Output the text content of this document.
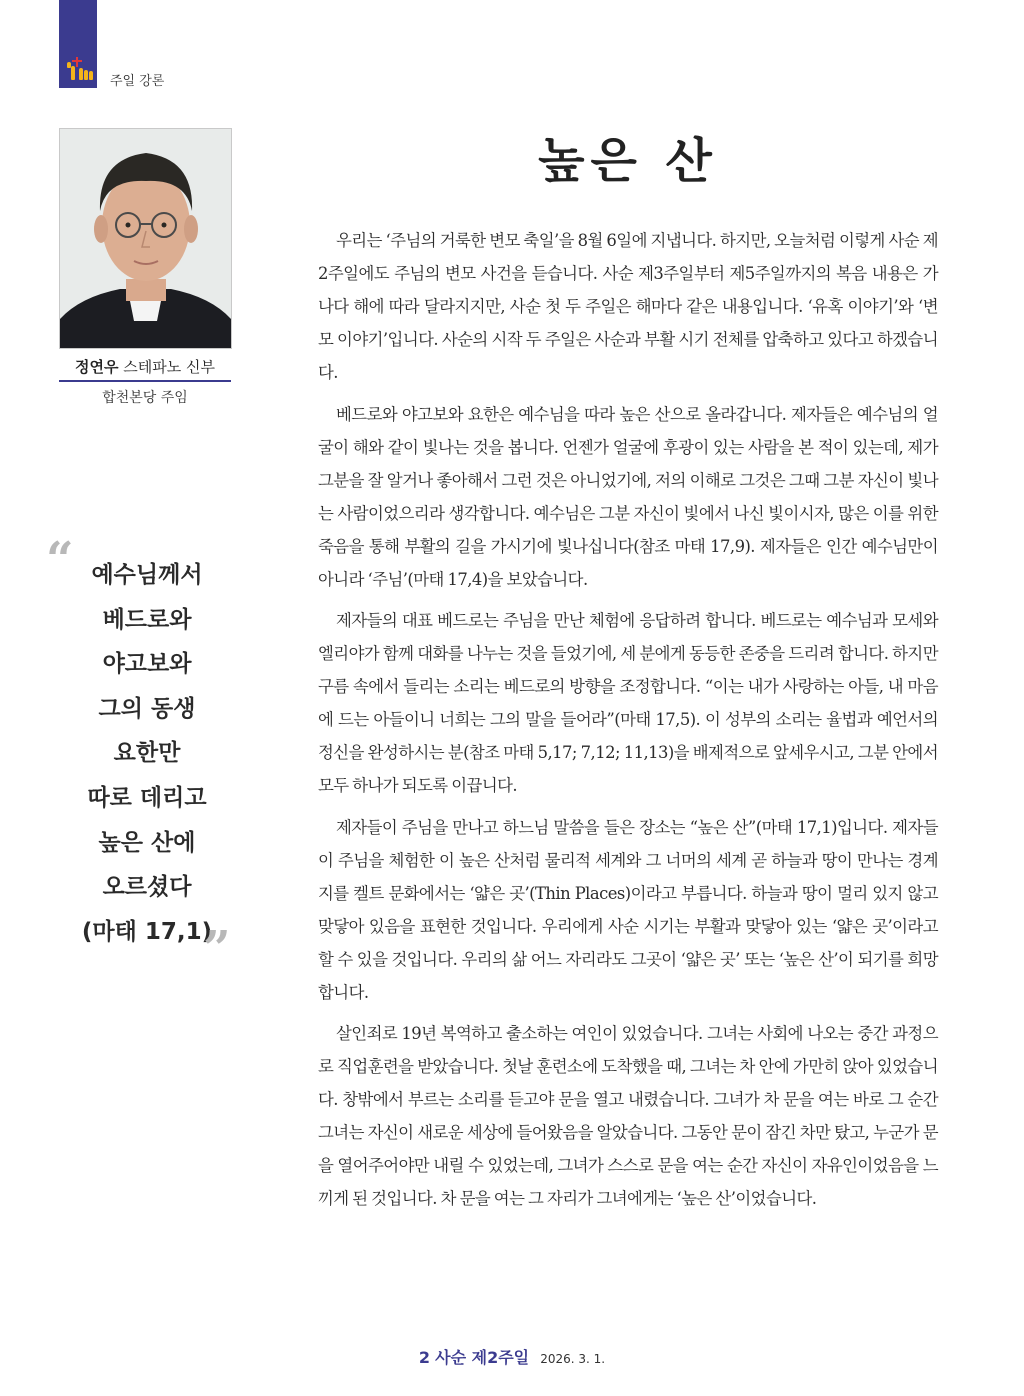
주일 강론
정연우 스테파노 신부
합천본당 주임
“ 예수님께서
베드로와
야고보와
그의 동생
요한만
따로 데리고
높은 산에
오르셨다
(마태 17,1)
”
높은 산

우리는 ‘주님의 거룩한 변모 축일’을 8월 6일에 지냅니다. 하지만, 오늘처럼 이렇게 사순 제2주일에도 주님의 변모 사건을 듣습니다. 사순 제3주일부터 제5주일까지의 복음 내용은 가나다 해에 따라 달라지지만, 사순 첫 두 주일은 해마다 같은 내용입니다. ‘유혹 이야기’와 ‘변모 이야기’입니다. 사순의 시작 두 주일은 사순과 부활 시기 전체를 압축하고 있다고 하겠습니다.

베드로와 야고보와 요한은 예수님을 따라 높은 산으로 올라갑니다. 제자들은 예수님의 얼굴이 해와 같이 빛나는 것을 봅니다. 언젠가 얼굴에 후광이 있는 사람을 본 적이 있는데, 제가 그분을 잘 알거나 좋아해서 그런 것은 아니었기에, 저의 이해로 그것은 그때 그분 자신이 빛나는 사람이었으리라 생각합니다. 예수님은 그분 자신이 빛에서 나신 빛이시자, 많은 이를 위한 죽음을 통해 부활의 길을 가시기에 빛나십니다(참조 마태 17,9). 제자들은 인간 예수님만이 아니라 ‘주님’(마태 17,4)을 보았습니다.

제자들의 대표 베드로는 주님을 만난 체험에 응답하려 합니다. 베드로는 예수님과 모세와 엘리야가 함께 대화를 나누는 것을 들었기에, 세 분에게 동등한 존중을 드리려 합니다. 하지만 구름 속에서 들리는 소리는 베드로의 방향을 조정합니다. “이는 내가 사랑하는 아들, 내 마음에 드는 아들이니 너희는 그의 말을 들어라”(마태 17,5). 이 성부의 소리는 율법과 예언서의 정신을 완성하시는 분(참조 마태 5,17; 7,12; 11,13)을 배제적으로 앞세우시고, 그분 안에서 모두 하나가 되도록 이끕니다.

제자들이 주님을 만나고 하느님 말씀을 들은 장소는 “높은 산”(마태 17,1)입니다. 제자들이 주님을 체험한 이 높은 산처럼 물리적 세계와 그 너머의 세계 곧 하늘과 땅이 만나는 경계지를 켈트 문화에서는 ‘얇은 곳’(Thin Places)이라고 부릅니다. 하늘과 땅이 멀리 있지 않고 맞닿아 있음을 표현한 것입니다. 우리에게 사순 시기는 부활과 맞닿아 있는 ‘얇은 곳’이라고 할 수 있을 것입니다. 우리의 삶 어느 자리라도 그곳이 ‘얇은 곳’ 또는 ‘높은 산’이 되기를 희망합니다.

살인죄로 19년 복역하고 출소하는 여인이 있었습니다. 그녀는 사회에 나오는 중간 과정으로 직업훈련을 받았습니다. 첫날 훈련소에 도착했을 때, 그녀는 차 안에 가만히 앉아 있었습니다. 창밖에서 부르는 소리를 듣고야 문을 열고 내렸습니다. 그녀가 차 문을 여는 바로 그 순간 그녀는 자신이 새로운 세상에 들어왔음을 알았습니다. 그동안 문이 잠긴 차만 탔고, 누군가 문을 열어주어야만 내릴 수 있었는데, 그녀가 스스로 문을 여는 순간 자신이 자유인이었음을 느끼게 된 것입니다. 차 문을 여는 그 자리가 그녀에게는 ‘높은 산’이었습니다.

2 사순 제2주일 2026. 3. 1.
